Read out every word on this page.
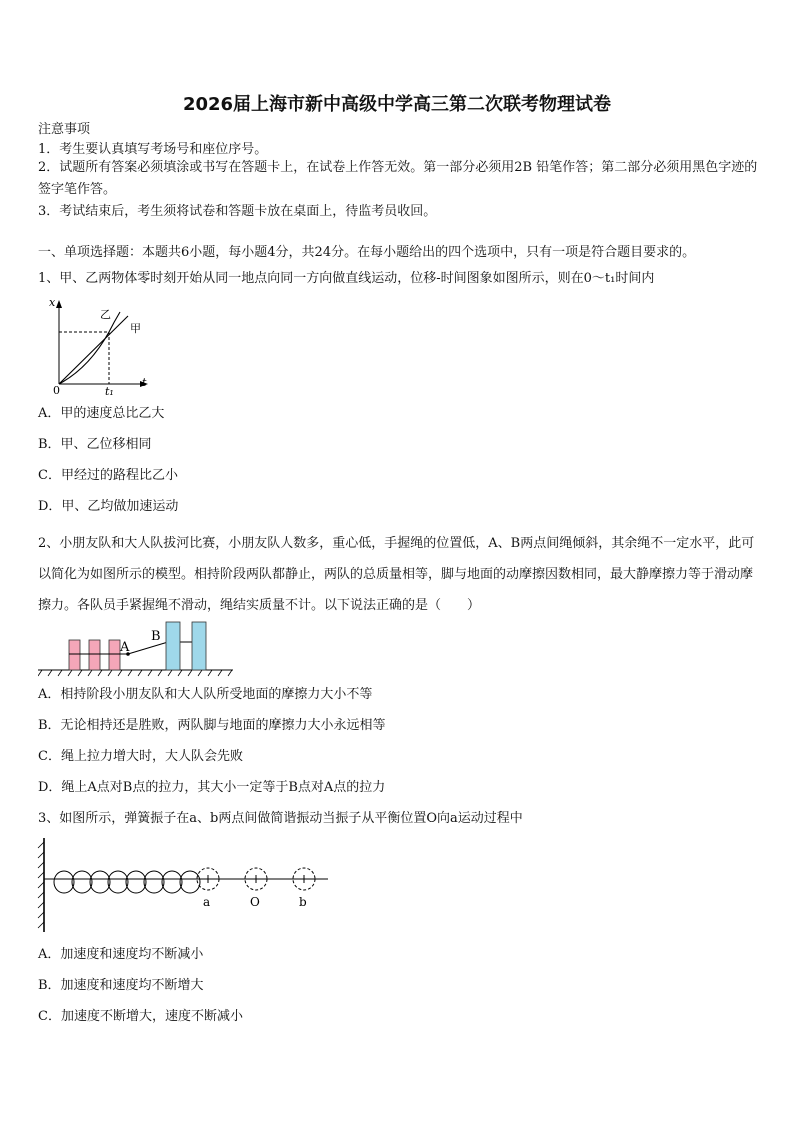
2026届上海市新中高级中学高三第二次联考物理试卷
注意事项
1．考生要认真填写考场号和座位序号。
2．试题所有答案必须填涂或书写在答题卡上，在试卷上作答无效。第一部分必须用2B 铅笔作答；第二部分必须用黑色字迹的签字笔作答。
3．考试结束后，考生须将试卷和答题卡放在桌面上，待监考员收回。
一、单项选择题：本题共6小题，每小题4分，共24分。在每小题给出的四个选项中，只有一项是符合题目要求的。
1、甲、乙两物体零时刻开始从同一地点向同一方向做直线运动，位移-时间图象如图所示，则在0～t₁时间内
x
t
0	t₁
乙
甲
A．甲的速度总比乙大
B．甲、乙位移相同
C．甲经过的路程比乙小
D．甲、乙均做加速运动
2、小朋友队和大人队拔河比赛，小朋友队人数多，重心低，手握绳的位置低，A、B两点间绳倾斜，其余绳不一定水平，此可以简化为如图所示的模型。相持阶段两队都静止，两队的总质量相等，脚与地面的动摩擦因数相同，最大静摩擦力等于滑动摩擦力。各队员手紧握绳不滑动，绳结实质量不计。以下说法正确的是（　　）
A
B
A．相持阶段小朋友队和大人队所受地面的摩擦力大小不等
B．无论相持还是胜败，两队脚与地面的摩擦力大小永远相等
C．绳上拉力增大时，大人队会先败
D．绳上A点对B点的拉力，其大小一定等于B点对A点的拉力
3、如图所示，弹簧振子在a、b两点间做简谐振动当振子从平衡位置O向a运动过程中
a	O	b
A．加速度和速度均不断减小
B．加速度和速度均不断增大
C．加速度不断增大，速度不断减小
